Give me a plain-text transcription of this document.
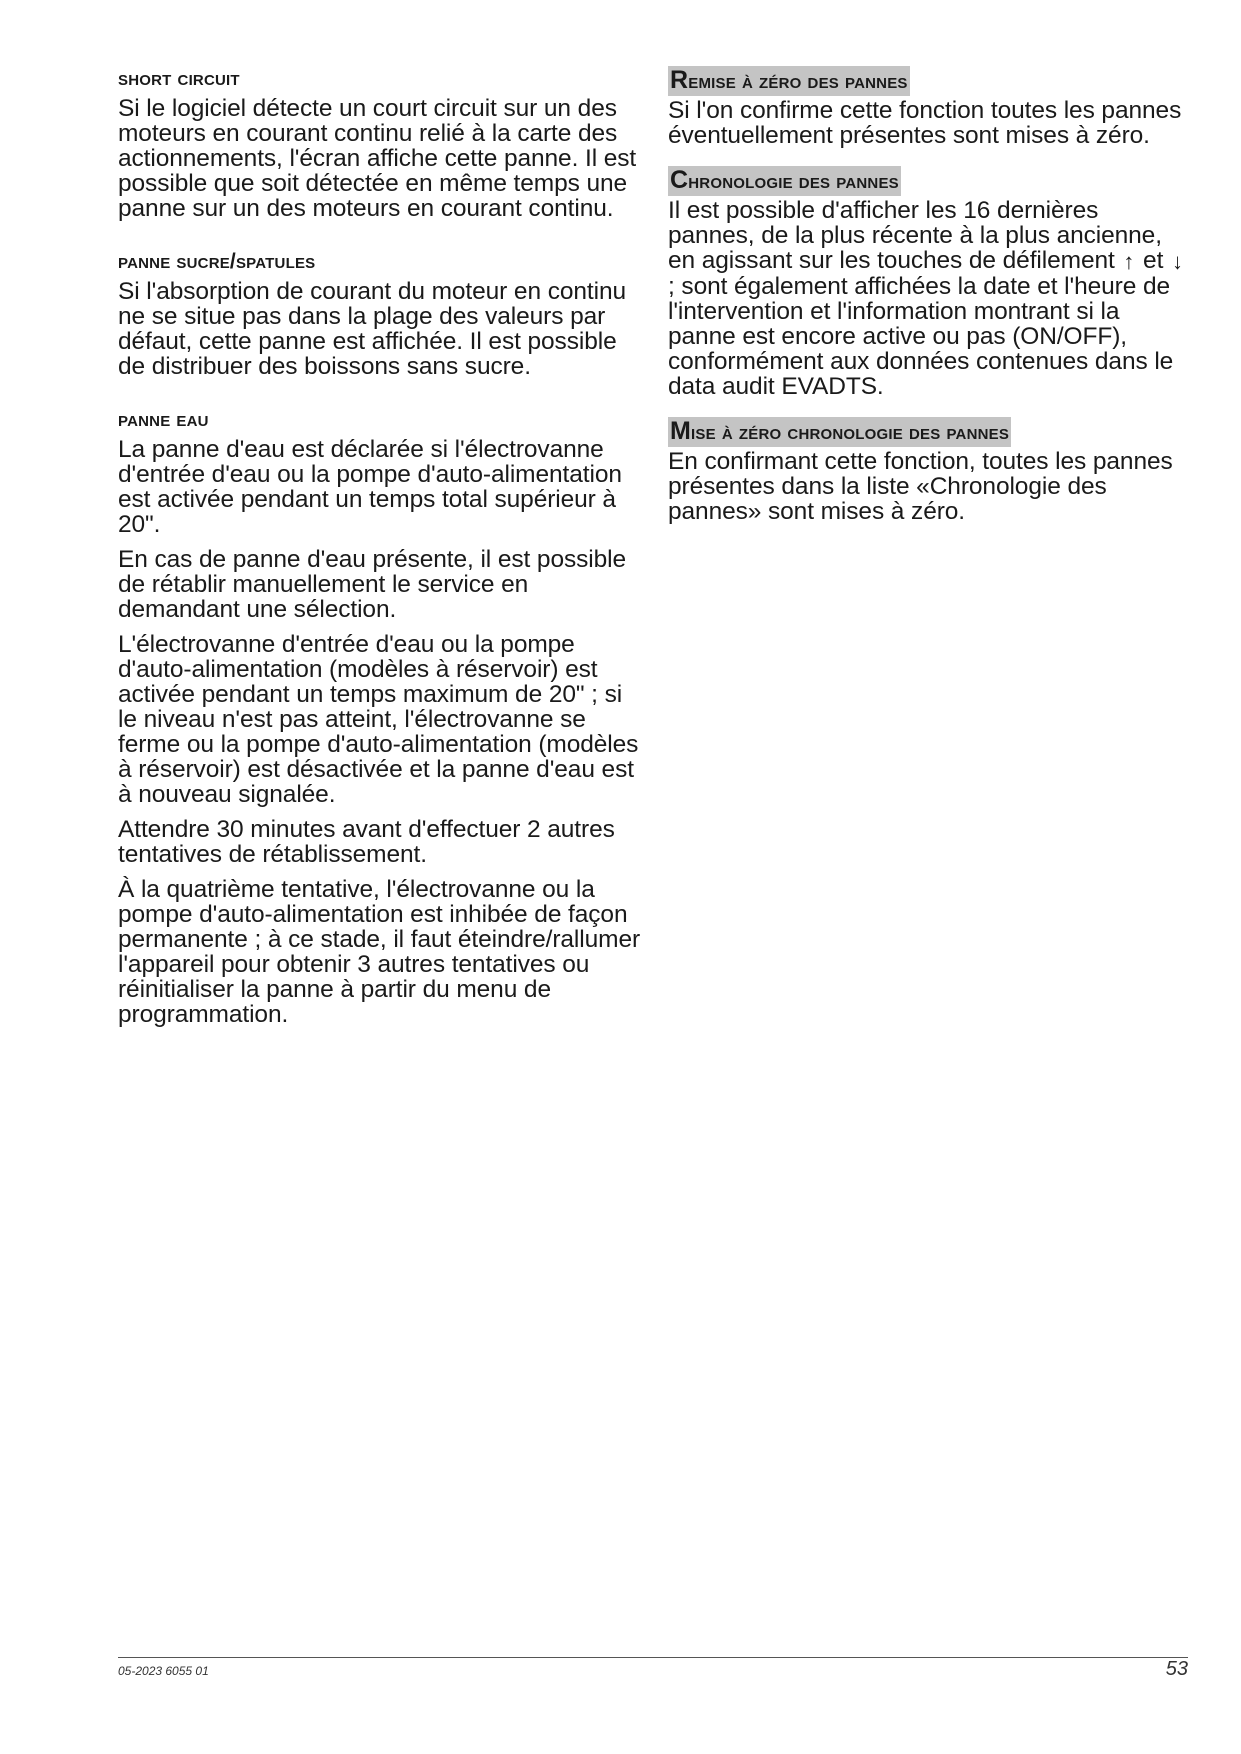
short circuit

Si le logiciel détecte un court circuit sur un des moteurs en courant continu relié à la carte des actionnements, l'écran affiche cette panne. Il est possible que soit détectée en même temps une panne sur un des moteurs en courant continu.

panne sucre/spatules

Si l'absorption de courant du moteur en continu ne se situe pas dans la plage des valeurs par défaut, cette panne est affichée. Il est possible de distribuer des boissons sans sucre.

panne eau

La panne d'eau est déclarée si l'électrovanne d'entrée d'eau ou la pompe d'auto-alimentation est activée pendant un temps total supérieur à 20".

En cas de panne d'eau présente, il est possible de rétablir manuellement le service en demandant une sélection.

L'électrovanne d'entrée d'eau ou la pompe d'auto-alimentation (modèles à réservoir) est activée pendant un temps maximum de 20" ; si le niveau n'est pas atteint, l'électrovanne se ferme ou la pompe d'auto-alimentation (modèles à réservoir) est désactivée et la panne d'eau est à nouveau signalée.

Attendre 30 minutes avant d'effectuer 2 autres tentatives de rétablissement.

À la quatrième tentative, l'électrovanne ou la pompe d'auto-alimentation est inhibée de façon permanente ; à ce stade, il faut éteindre/rallumer l'appareil pour obtenir 3 autres tentatives ou réinitialiser la panne à partir du menu de programmation.

Remise à zéro des pannes

Si l'on confirme cette fonction toutes les pannes éventuellement présentes sont mises à zéro.

Chronologie des pannes

Il est possible d'afficher les 16 dernières pannes, de la plus récente à la plus ancienne, en agissant sur les touches de défilement ↑ et ↓ ; sont également affichées la date et l'heure de l'intervention et l'information montrant si la panne est encore active ou pas (ON/OFF), conformément aux données contenues dans le data audit EVADTS.

Mise à zéro chronologie des pannes

En confirmant cette fonction, toutes les pannes présentes dans la liste «Chronologie des pannes» sont mises à zéro.

05-2023 6055 01	53
